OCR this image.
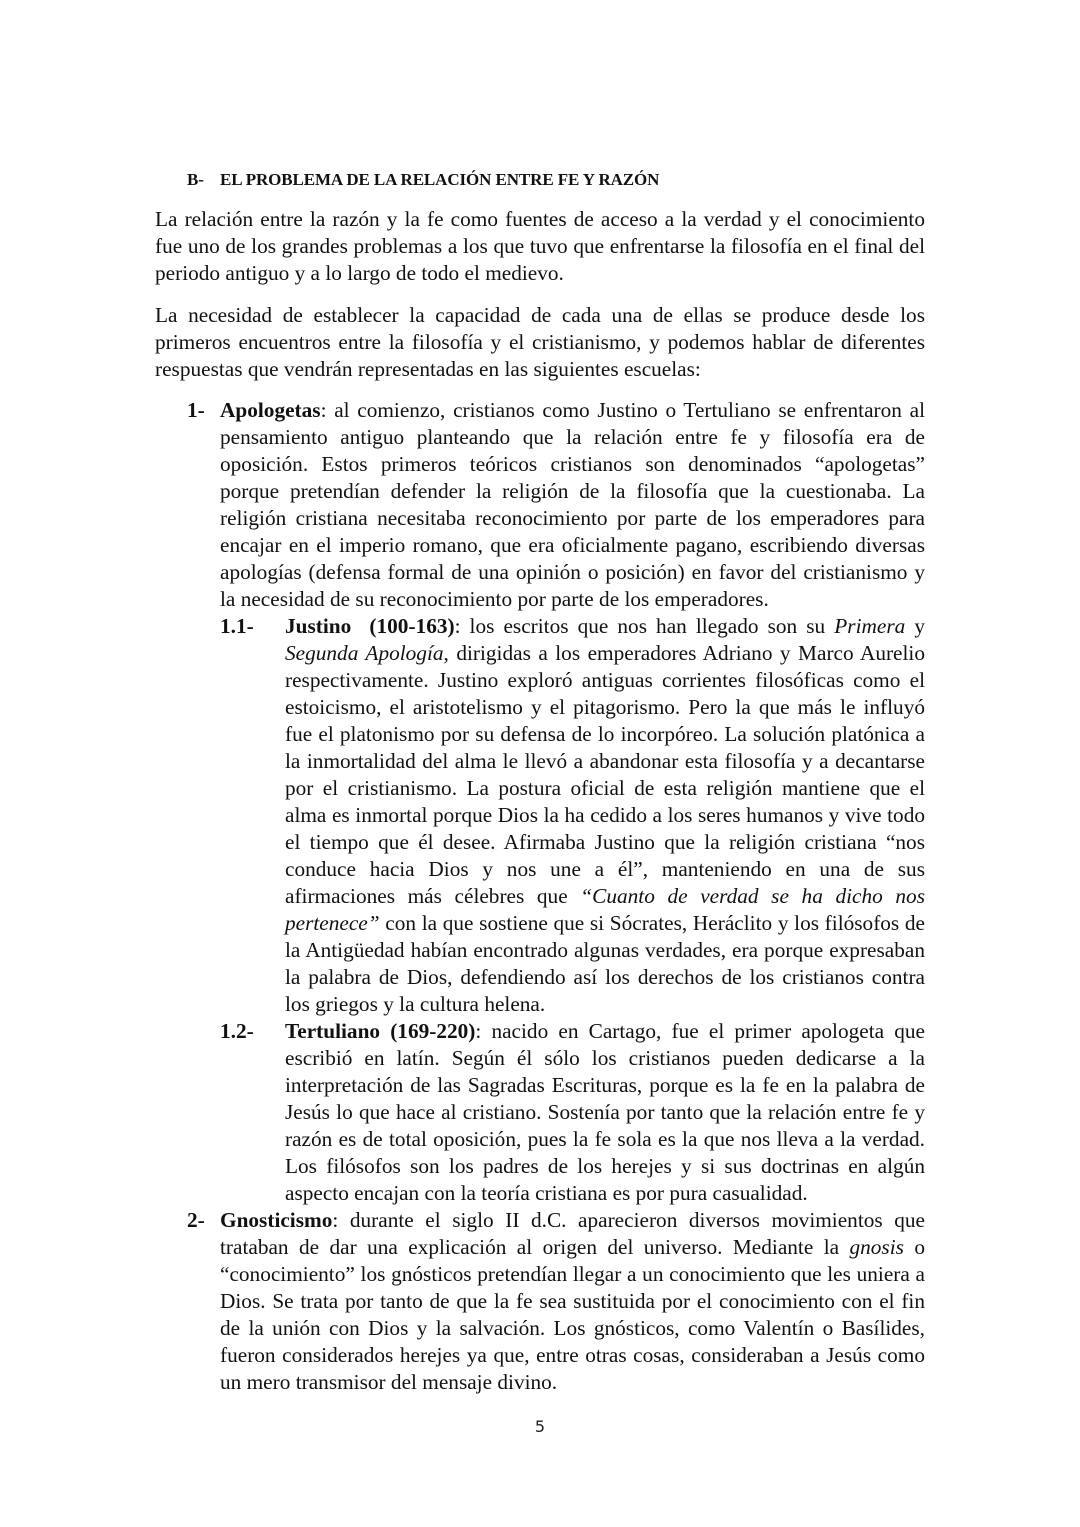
B- EL PROBLEMA DE LA RELACIÓN ENTRE FE Y RAZÓN

La relación entre la razón y la fe como fuentes de acceso a la verdad y el conocimiento fue uno de los grandes problemas a los que tuvo que enfrentarse la filosofía en el final del periodo antiguo y a lo largo de todo el medievo.

La necesidad de establecer la capacidad de cada una de ellas se produce desde los primeros encuentros entre la filosofía y el cristianismo, y podemos hablar de diferentes respuestas que vendrán representadas en las siguientes escuelas:

1- Apologetas: al comienzo, cristianos como Justino o Tertuliano se enfrentaron al pensamiento antiguo planteando que la relación entre fe y filosofía era de oposición. Estos primeros teóricos cristianos son denominados “apologetas” porque pretendían defender la religión de la filosofía que la cuestionaba. La religión cristiana necesitaba reconocimiento por parte de los emperadores para encajar en el imperio romano, que era oficialmente pagano, escribiendo diversas apologías (defensa formal de una opinión o posición) en favor del cristianismo y la necesidad de su reconocimiento por parte de los emperadores.
1.1- Justino  (100-163): los escritos que nos han llegado son su Primera y Segunda Apología, dirigidas a los emperadores Adriano y Marco Aurelio respectivamente. Justino exploró antiguas corrientes filosóficas como el estoicismo, el aristotelismo y el pitagorismo. Pero la que más le influyó fue el platonismo por su defensa de lo incorpóreo. La solución platónica a la inmortalidad del alma le llevó a abandonar esta filosofía y a decantarse por el cristianismo. La postura oficial de esta religión mantiene que el alma es inmortal porque Dios la ha cedido a los seres humanos y vive todo el tiempo que él desee. Afirmaba Justino que la religión cristiana “nos conduce hacia Dios y nos une a él”, manteniendo en una de sus afirmaciones más célebres que “Cuanto de verdad se ha dicho nos pertenece” con la que sostiene que si Sócrates, Heráclito y los filósofos de la Antigüedad habían encontrado algunas verdades, era porque expresaban la palabra de Dios, defendiendo así los derechos de los cristianos contra los griegos y la cultura helena.
1.2- Tertuliano (169-220): nacido en Cartago, fue el primer apologeta que escribió en latín. Según él sólo los cristianos pueden dedicarse a la interpretación de las Sagradas Escrituras, porque es la fe en la palabra de Jesús lo que hace al cristiano. Sostenía por tanto que la relación entre fe y razón es de total oposición, pues la fe sola es la que nos lleva a la verdad. Los filósofos son los padres de los herejes y si sus doctrinas en algún aspecto encajan con la teoría cristiana es por pura casualidad.
2- Gnosticismo: durante el siglo II d.C. aparecieron diversos movimientos que trataban de dar una explicación al origen del universo. Mediante la gnosis o “conocimiento” los gnósticos pretendían llegar a un conocimiento que les uniera a Dios. Se trata por tanto de que la fe sea sustituida por el conocimiento con el fin de la unión con Dios y la salvación. Los gnósticos, como Valentín o Basílides, fueron considerados herejes ya que, entre otras cosas, consideraban a Jesús como un mero transmisor del mensaje divino.
5
